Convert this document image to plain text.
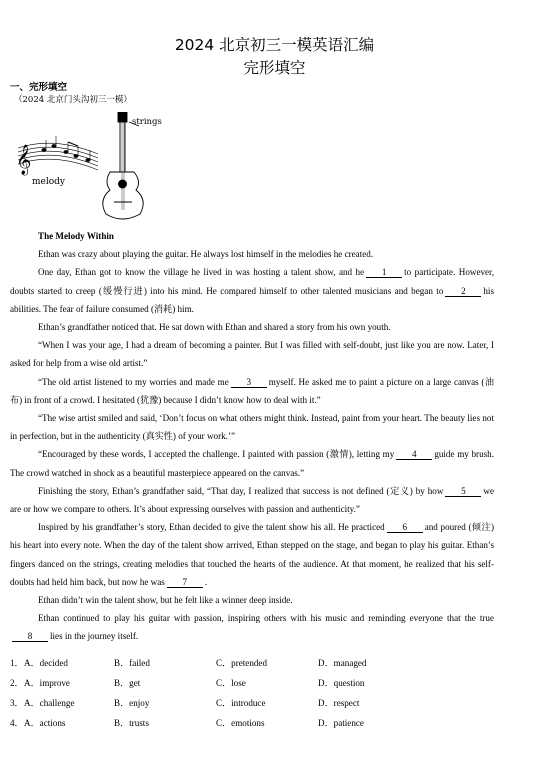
2024 北京初三一模英语汇编
完形填空
一、完形填空
（2024 北京门头沟初三一模）
𝄞
melody
strings

The Melody Within

Ethan was crazy about playing the guitar. He always lost himself in the melodies he created.

One day, Ethan got to know the village he lived in was hosting a talent show, and he 1 to participate. However, doubts started to creep (缓慢行进) into his mind. He compared himself to other talented musicians and began to 2 his abilities. The fear of failure consumed (消耗) him.

Ethan’s grandfather noticed that. He sat down with Ethan and shared a story from his own youth.

“When I was your age, I had a dream of becoming a painter. But I was filled with self-doubt, just like you are now. Later, I asked for help from a wise old artist.”

“The old artist listened to my worries and made me 3 myself. He asked me to paint a picture on a large canvas (油布) in front of a crowd. I hesitated (犹豫) because I didn’t know how to deal with it.”

“The wise artist smiled and said, ‘Don’t focus on what others might think. Instead, paint from your heart. The beauty lies not in perfection, but in the authenticity (真实性) of your work.’”

“Encouraged by these words, I accepted the challenge. I painted with passion (激情), letting my 4 guide my brush. The crowd watched in shock as a beautiful masterpiece appeared on the canvas.”

Finishing the story, Ethan’s grandfather said, “That day, I realized that success is not defined (定义) by how 5 we are or how we compare to others. It’s about expressing ourselves with passion and authenticity.”

Inspired by his grandfather’s story, Ethan decided to give the talent show his all. He practiced 6 and poured (倾注) his heart into every note. When the day of the talent show arrived, Ethan stepped on the stage, and began to play his guitar. Ethan’s fingers danced on the strings, creating melodies that touched the hearts of the audience. At that moment, he realized that his self-doubts had held him back, but now he was 7 .

Ethan didn’t win the talent show, but he felt like a winner deep inside.

Ethan continued to play his guitar with passion, inspiring others with his music and reminding everyone that the true8 lies in the journey itself.

1． A．decided	B．failed	C．pretended	D．managed
2． A．improve	B．get	C．lose	D．question
3． A．challenge	B．enjoy	C．introduce	D．respect
4． A．actions	B．trusts	C．emotions	D．patience
